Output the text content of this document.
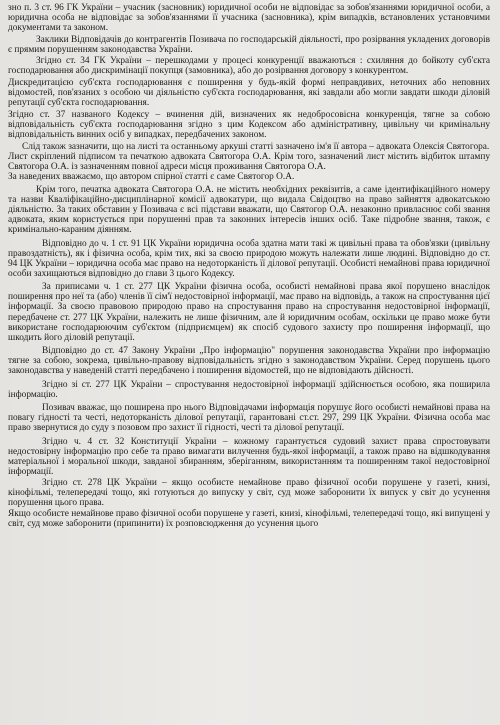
зно п. 3 ст. 96 ГК України – учасник (засновник) юридичної особи не відповідає за зобов'язаннями юридичної особи, а юридична особа не відповідає за зобов'язаннями її учасника (засновника), крім випадків, встановлених установчими документами та законом.

Заклики Відповідачів до контрагентів Позивача по господарській діяльності, про розірвання укладених договорів є прямим порушенням законодавства України.

Згідно ст. 34 ГК України – перешкодами у процесі конкуренції вважаються : схиляння до бойкоту суб'єкта господарювання або дискримінації покупця (замовника), або до розірвання договору з конкурентом.

Дискредитацією суб'єкта господарювання є поширення у будь-якій формі неправдивих, неточних або неповних відомостей, пов'язаних з особою чи діяльністю суб'єкта господарювання, які завдали або могли завдати шкоди діловій репутації суб'єкта господарювання.

Згідно ст. 37 названого Кодексу – вчинення дій, визначених як недобросовісна конкуренція, тягне за собою відповідальність суб'єкта господарювання згідно з цим Кодексом або адміністративну, цивільну чи кримінальну відповідальність винних осіб у випадках, передбачених законом.

Слід також зазначити, що на листі та останньому аркуші статті зазначено ім'я її автора – адвоката Олексія Святогора.

Лист скріплений підписом та печаткою адвоката Святогора О.А. Крім того, зазначений лист містить відбиток штампу Святогора О.А. із зазначенням повної адреси місця проживання Святогора О.А.

За наведених вважаємо, що автором спірної статті є саме Святогор О.А.

Крім того, печатка адвоката Святогора О.А. не містить необхідних реквізитів, а саме ідентифікаційного номеру та назви Кваліфікаційно-дисциплінарної комісії адвокатури, що видала Свідоцтво на право зайняття адвокатською діяльністю. За таких обставин у Позивача є всі підстави вважати, що Святогор О.А. незаконно привласнює собі звання адвоката, яким користується при порушенні прав та законних інтересів інших осіб. Таке підробне звання, також, є кримінально-караним діянням.

Відповідно до ч. 1 ст. 91 ЦК України юридична особа здатна мати такі ж цивільні права та обов'язки (цивільну правоздатність), як і фізична особа, крім тих, які за своєю природою можуть належати лише людині. Відповідно до ст. 94 ЦК України – юридична особа має право на недоторканість її ділової репутації. Особисті немайнові права юридичної особи захищаються відповідно до глави 3 цього Кодексу.

За приписами ч. 1 ст. 277 ЦК України фізична особа, особисті немайнові права якої порушено внаслідок поширення про неї та (або) членів її сім'ї недостовірної інформації, має право на відповідь, а також на спростування цієї інформації. За своєю правовою природою право на спростування право на спростування недостовірної інформації, передбачене ст. 277 ЦК України, належить не лише фізичним, але й юридичним особам, оскільки це право може бути використане господарюючим суб'єктом (підприємцем) як спосіб судового захисту про поширення інформації, що шкодить його діловій репутації.

Відповідно до ст. 47 Закону України „Про інформацію" порушення законодавства України про інформацію тягне за собою, зокрема, цивільно-правову відповідальність згідно з законодавством України. Серед порушень цього законодавства у наведеній статті передбачено і поширення відомостей, що не відповідають дійсності.

Згідно зі ст. 277 ЦК України – спростування недостовірної інформації здійснюється особою, яка поширила інформацію.

Позивач вважає, що поширена про нього Відповідачами інформація порушує його особисті немайнові права на повагу гідності та честі, недоторканість ділової репутації, гарантовані ст.ст. 297, 299 ЦК України. Фізична особа має право звернутися до суду з позовом про захист її гідності, честі та ділової репутації.

Згідно ч. 4 ст. 32 Конституції України – кожному гарантується судовий захист права спростовувати недостовірну інформацію про себе та право вимагати вилучення будь-якої інформації, а також право на відшкодування матеріальної і моральної шкоди, завданої збиранням, зберіганням, використанням та поширенням такої недостовірної інформації.

Згідно ст. 278 ЦК України – якщо особисте немайнове право фізичної особи порушене у газеті, книзі, кінофільмі, телепередачі тощо, які готуються до випуску у світ, суд може заборонити їх випуск у світ до усунення порушення цього права.

Якщо особисте немайнове право фізичної особи порушене у газеті, книзі, кінофільмі, телепередачі тощо, які випущені у світ, суд може заборонити (припинити) їх розповсюдження до усунення цього
